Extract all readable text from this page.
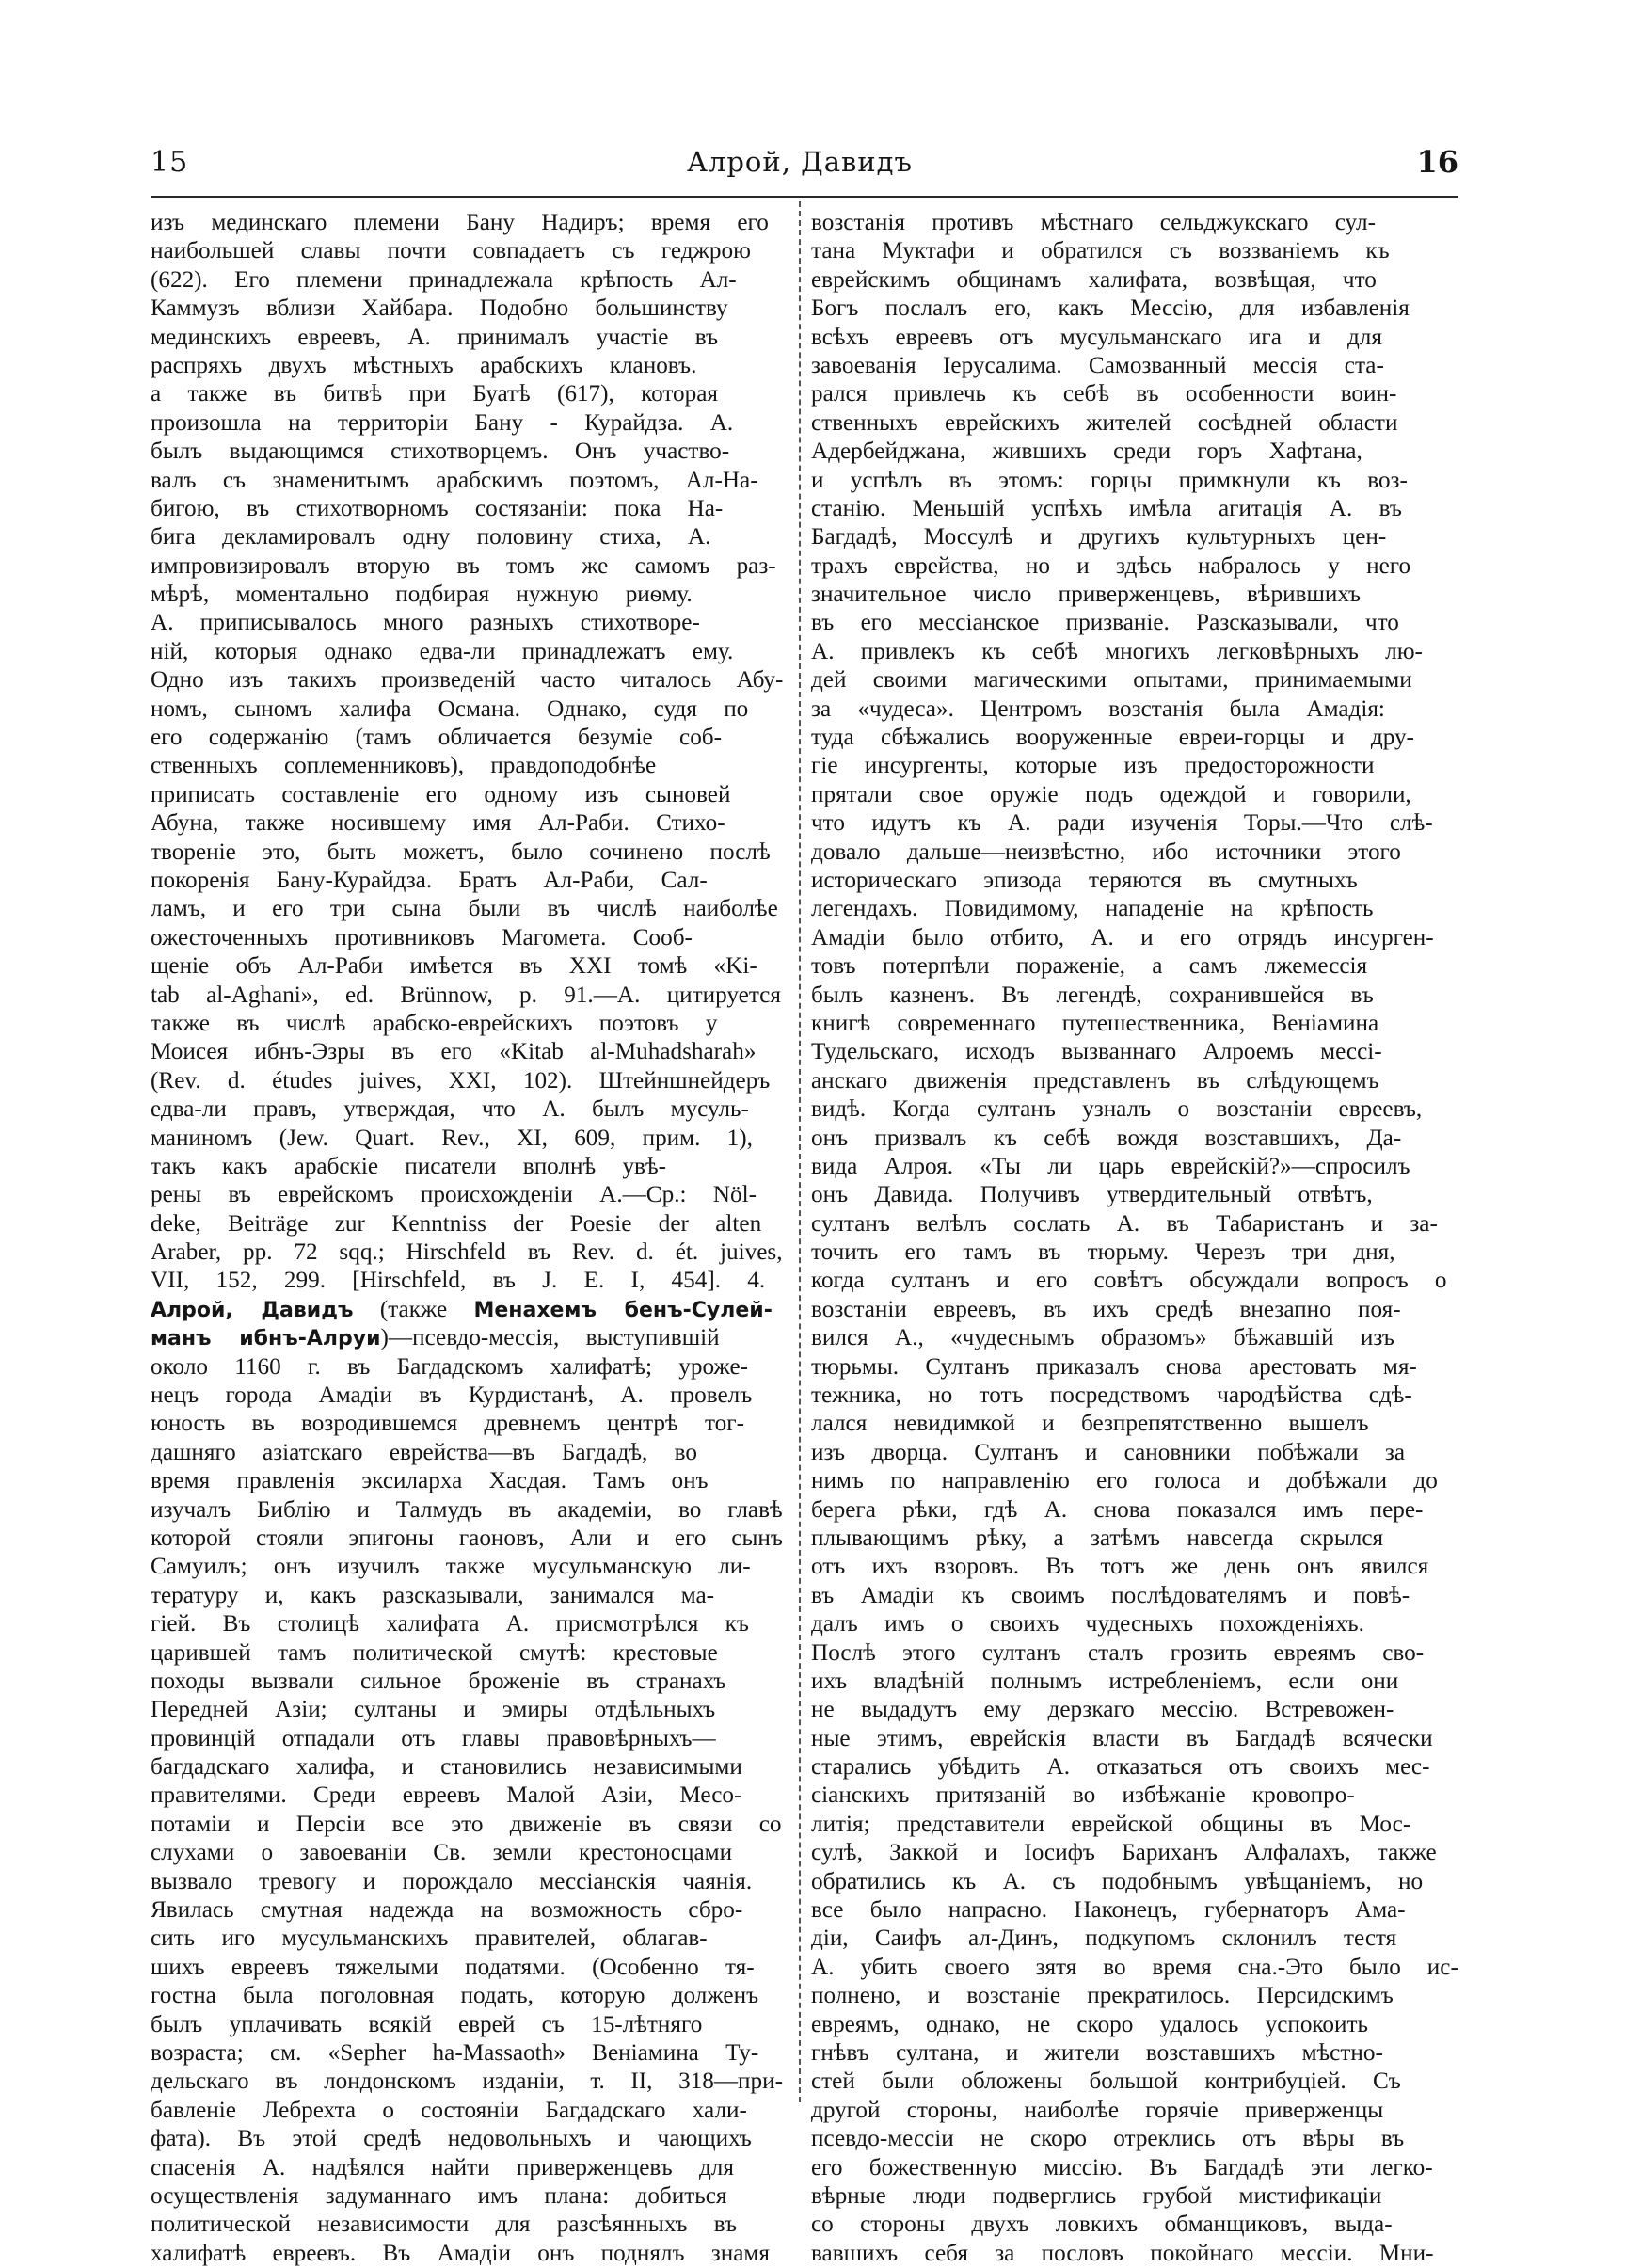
15	Алрой, Давидъ	16
изъ мединскаго племени Бану Надиръ; время его
наибольшей славы почти совпадаетъ съ геджрою
(622). Его племени принадлежала крѣпость Ал-
Каммузъ вблизи Хайбара. Подобно большинству
мединскихъ евреевъ, А. принималъ участіе въ
распряхъ двухъ мѣстныхъ арабскихъ клановъ.
а также въ битвѣ при Буатѣ (617), которая
произошла на территоріи Бану - Курайдза. А.
былъ выдающимся стихотворцемъ. Онъ участво-
валъ съ знаменитымъ арабскимъ поэтомъ, Ал-На-
бигою, въ стихотворномъ состязаніи: пока На-
бига декламировалъ одну половину стиха, А.
импровизировалъ вторую въ томъ же самомъ раз-
мѣрѣ, моментально подбирая нужную риѳму.
А. приписывалось много разныхъ стихотворе-
ній, которыя однако едва-ли принадлежатъ ему.
Одно изъ такихъ произведеній часто читалось Абу-
номъ, сыномъ халифа Османа. Однако, судя по
его содержанію (тамъ обличается безуміе соб-
ственныхъ соплеменниковъ), правдоподобнѣе
приписать составленіе его одному изъ сыновей
Абуна, также носившему имя Ал-Раби. Стихо-
твореніе это, быть можетъ, было сочинено послѣ
покоренія Бану-Курайдза. Братъ Ал-Раби, Сал-
ламъ, и его три сына были въ числѣ наиболѣе
ожесточенныхъ противниковъ Магомета. Сооб-
щеніе объ Ал-Раби имѣется въ XXI томѣ «Ki-
tab al-Aghani», ed. Brünnow, p. 91.—А. цитируется
также въ числѣ арабско-еврейскихъ поэтовъ у
Моисея ибнъ-Эзры въ его «Kitab al-Muhadsharah»
(Rev. d. études juives, XXI, 102). Штейншнейдеръ
едва-ли правъ, утверждая, что А. былъ мусуль-
маниномъ (Jew. Quart. Rev., XI, 609, прим. 1),
такъ какъ арабскіе писатели вполнѣ увѣ-
рены въ еврейскомъ происхожденіи А.—Ср.: Nöl-
deke, Beiträge zur Kenntniss der Poesie der alten
Araber, pp. 72 sqq.; Hirschfeld въ Rev. d. ét. juives,
VII, 152, 299. [Hirschfeld, въ J. E. I, 454]. 4.
Алрой, Давидъ (также Менахемъ бенъ-Сулей-
манъ ибнъ-Алруи)—псевдо-мессія, выступившій
около 1160 г. въ Багдадскомъ халифатѣ; уроже-
нецъ города Амадіи въ Курдистанѣ, А. провелъ
юность въ возродившемся древнемъ центрѣ тог-
дашняго азіатскаго еврейства—въ Багдадѣ, во
время правленія эксиларха Хасдая. Тамъ онъ
изучалъ Библію и Талмудъ въ академіи, во главѣ
которой стояли эпигоны гаоновъ, Али и его сынъ
Самуилъ; онъ изучилъ также мусульманскую ли-
тературу и, какъ разсказывали, занимался ма-
гіей. Въ столицѣ халифата А. присмотрѣлся къ
царившей тамъ политической смутѣ: крестовые
походы вызвали сильное броженіе въ странахъ
Передней Азіи; султаны и эмиры отдѣльныхъ
провинцій отпадали отъ главы правовѣрныхъ—
багдадскаго халифа, и становились независимыми
правителями. Среди евреевъ Малой Азіи, Месо-
потаміи и Персіи все это движеніе въ связи со
слухами о завоеваніи Св. земли крестоносцами
вызвало тревогу и порождало мессіанскія чаянія.
Явилась смутная надежда на возможность сбро-
сить иго мусульманскихъ правителей, облагав-
шихъ евреевъ тяжелыми податями. (Особенно тя-
гостна была поголовная подать, которую долженъ
былъ уплачивать всякій еврей съ 15-лѣтняго
возраста; см. «Sepher ha-Massaoth» Веніамина Ту-
дельскаго въ лондонскомъ изданіи, т. II, 318—при-
бавленіе Лебрехта о состояніи Багдадскаго хали-
фата). Въ этой средѣ недовольныхъ и чающихъ
спасенія А. надѣялся найти приверженцевъ для
осуществленія задуманнаго имъ плана: добиться
политической независимости для разсѣянныхъ въ
халифатѣ евреевъ. Въ Амадіи онъ поднялъ знамя
возстанія противъ мѣстнаго сельджукскаго сул-
тана Муктафи и обратился съ воззваніемъ къ
еврейскимъ общинамъ халифата, возвѣщая, что
Богъ послалъ его, какъ Мессію, для избавленія
всѣхъ евреевъ отъ мусульманскаго ига и для
завоеванія Іерусалима. Самозванный мессія ста-
рался привлечь къ себѣ въ особенности воин-
ственныхъ еврейскихъ жителей сосѣдней области
Адербейджана, жившихъ среди горъ Хафтана,
и успѣлъ въ этомъ: горцы примкнули къ воз-
станію. Меньшій успѣхъ имѣла агитація А. въ
Багдадѣ, Моссулѣ и другихъ культурныхъ цен-
трахъ еврейства, но и здѣсь набралось у него
значительное число приверженцевъ, вѣрившихъ
въ его мессіанское призваніе. Разсказывали, что
А. привлекъ къ себѣ многихъ легковѣрныхъ лю-
дей своими магическими опытами, принимаемыми
за «чудеса». Центромъ возстанія была Амадія:
туда сбѣжались вооруженные евреи-горцы и дру-
гіе инсургенты, которые изъ предосторожности
прятали свое оружіе подъ одеждой и говорили,
что идутъ къ А. ради изученія Торы.—Что слѣ-
довало дальше—неизвѣстно, ибо источники этого
историческаго эпизода теряются въ смутныхъ
легендахъ. Повидимому, нападеніе на крѣпость
Амадіи было отбито, А. и его отрядъ инсурген-
товъ потерпѣли пораженіе, а самъ лжемессія
былъ казненъ. Въ легендѣ, сохранившейся въ
книгѣ современнаго путешественника, Веніамина
Тудельскаго, исходъ вызваннаго Алроемъ месcі-
анскаго движенія представленъ въ слѣдующемъ
видѣ. Когда султанъ узналъ о возстаніи евреевъ,
онъ призвалъ къ себѣ вождя возставшихъ, Да-
вида Алроя. «Ты ли царь еврейскій?»—спросилъ
онъ Давида. Получивъ утвердительный отвѣтъ,
султанъ велѣлъ сослать А. въ Табаристанъ и за-
точить его тамъ въ тюрьму. Черезъ три дня,
когда султанъ и его совѣтъ обсуждали вопросъ о
возстаніи евреевъ, въ ихъ средѣ внезапно поя-
вился А., «чудеснымъ образомъ» бѣжавшій изъ
тюрьмы. Султанъ приказалъ снова арестовать мя-
тежника, но тотъ посредствомъ чародѣйства сдѣ-
лался невидимкой и безпрепятственно вышелъ
изъ дворца. Султанъ и сановники побѣжали за
нимъ по направленію его голоса и добѣжали до
берега рѣки, гдѣ А. снова показался имъ пере-
плывающимъ рѣку, а затѣмъ навсегда скрылся
отъ ихъ взоровъ. Въ тотъ же день онъ явился
въ Амадіи къ своимъ послѣдователямъ и повѣ-
далъ имъ о своихъ чудесныхъ похожденіяхъ.
Послѣ этого султанъ сталъ грозить евреямъ сво-
ихъ владѣній полнымъ истребленіемъ, если они
не выдадутъ ему дерзкаго мессію. Встревожен-
ные этимъ, еврейскія власти въ Багдадѣ всячески
старались убѣдить А. отказаться отъ своихъ мес-
сіанскихъ притязаній во избѣжаніе кровопро-
литія; представители еврейской общины въ Мос-
сулѣ, Заккой и Іосифъ Бариханъ Алфалахъ, также
обратились къ А. съ подобнымъ увѣщаніемъ, но
все было напрасно. Наконецъ, губернаторъ Ама-
діи, Саифъ ал-Динъ, подкупомъ склонилъ тестя
А. убить своего зятя во время сна.-Это было ис-
полнено, и возстаніе прекратилось. Персидскимъ
евреямъ, однако, не скоро удалось успокоить
гнѣвъ султана, и жители возставшихъ мѣстно-
стей были обложены большой контрибуціей. Съ
другой стороны, наиболѣе горячіе приверженцы
псевдо-мессіи не скоро отреклись отъ вѣры въ
его божественную миссію. Въ Багдадѣ эти легко-
вѣрные люди подверглись грубой мистификаціи
со стороны двухъ ловкихъ обманщиковъ, выда-
вавшихъ себя за пословъ покойнаго мессіи. Мни-
